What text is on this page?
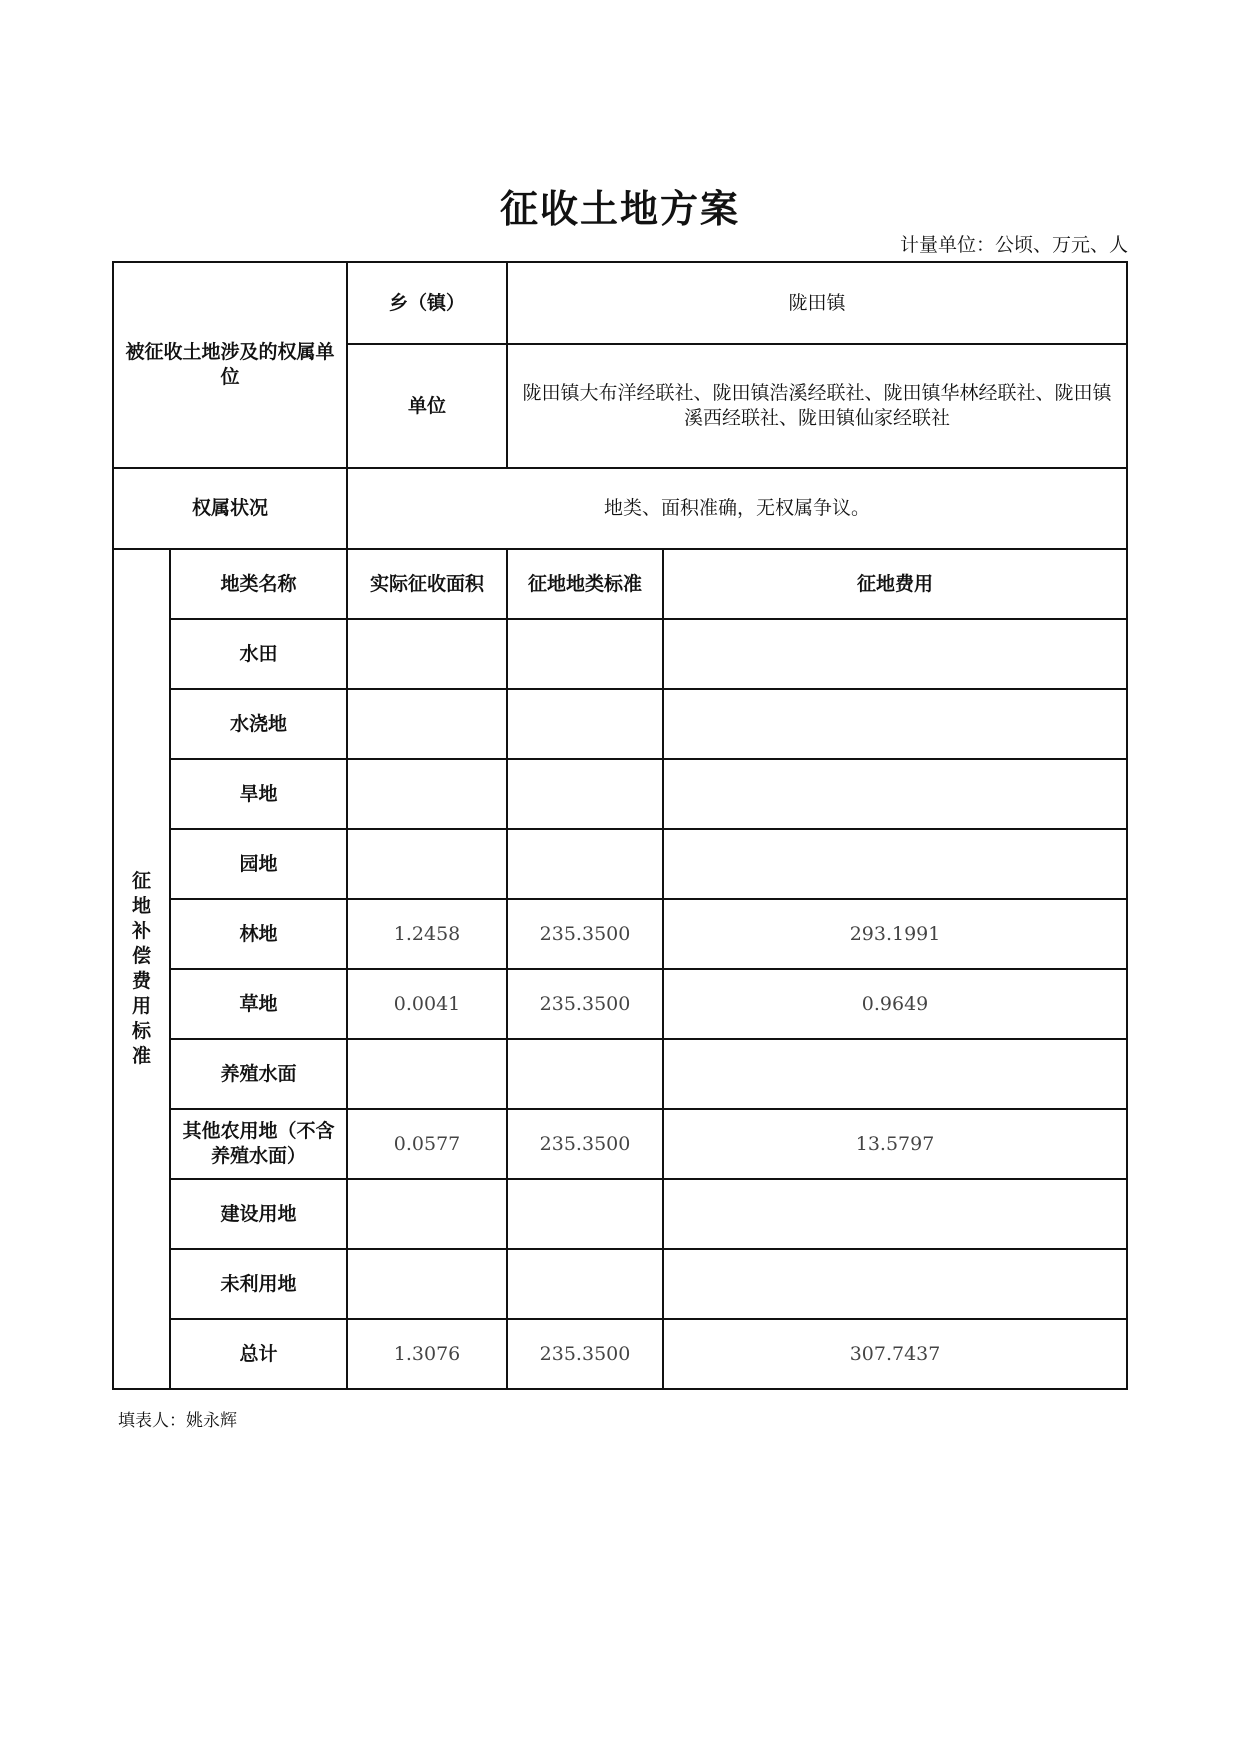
征收土地方案
计量单位：公顷、万元、人
被征收土地涉及的权属单位		乡（镇）	陇田镇	
		单位	陇田镇大布洋经联社、陇田镇浩溪经联社、陇田镇华林经联社、陇田镇溪西经联社、陇田镇仙家经联社	
权属状况		地类、面积准确，无权属争议。		

征地补偿费用标准	地类名称	实际征收面积	征地地类标准	征地费用
	水田			
	水浇地			
	旱地			
	园地			
	林地	1.2458	235.3500	293.1991
	草地	0.0041	235.3500	0.9649
	养殖水面			
	其他农用地（不含养殖水面）	0.0577	235.3500	13.5797
	建设用地			
	未利用地			
	总计	1.3076	235.3500	307.7437
填表人：姚永辉
